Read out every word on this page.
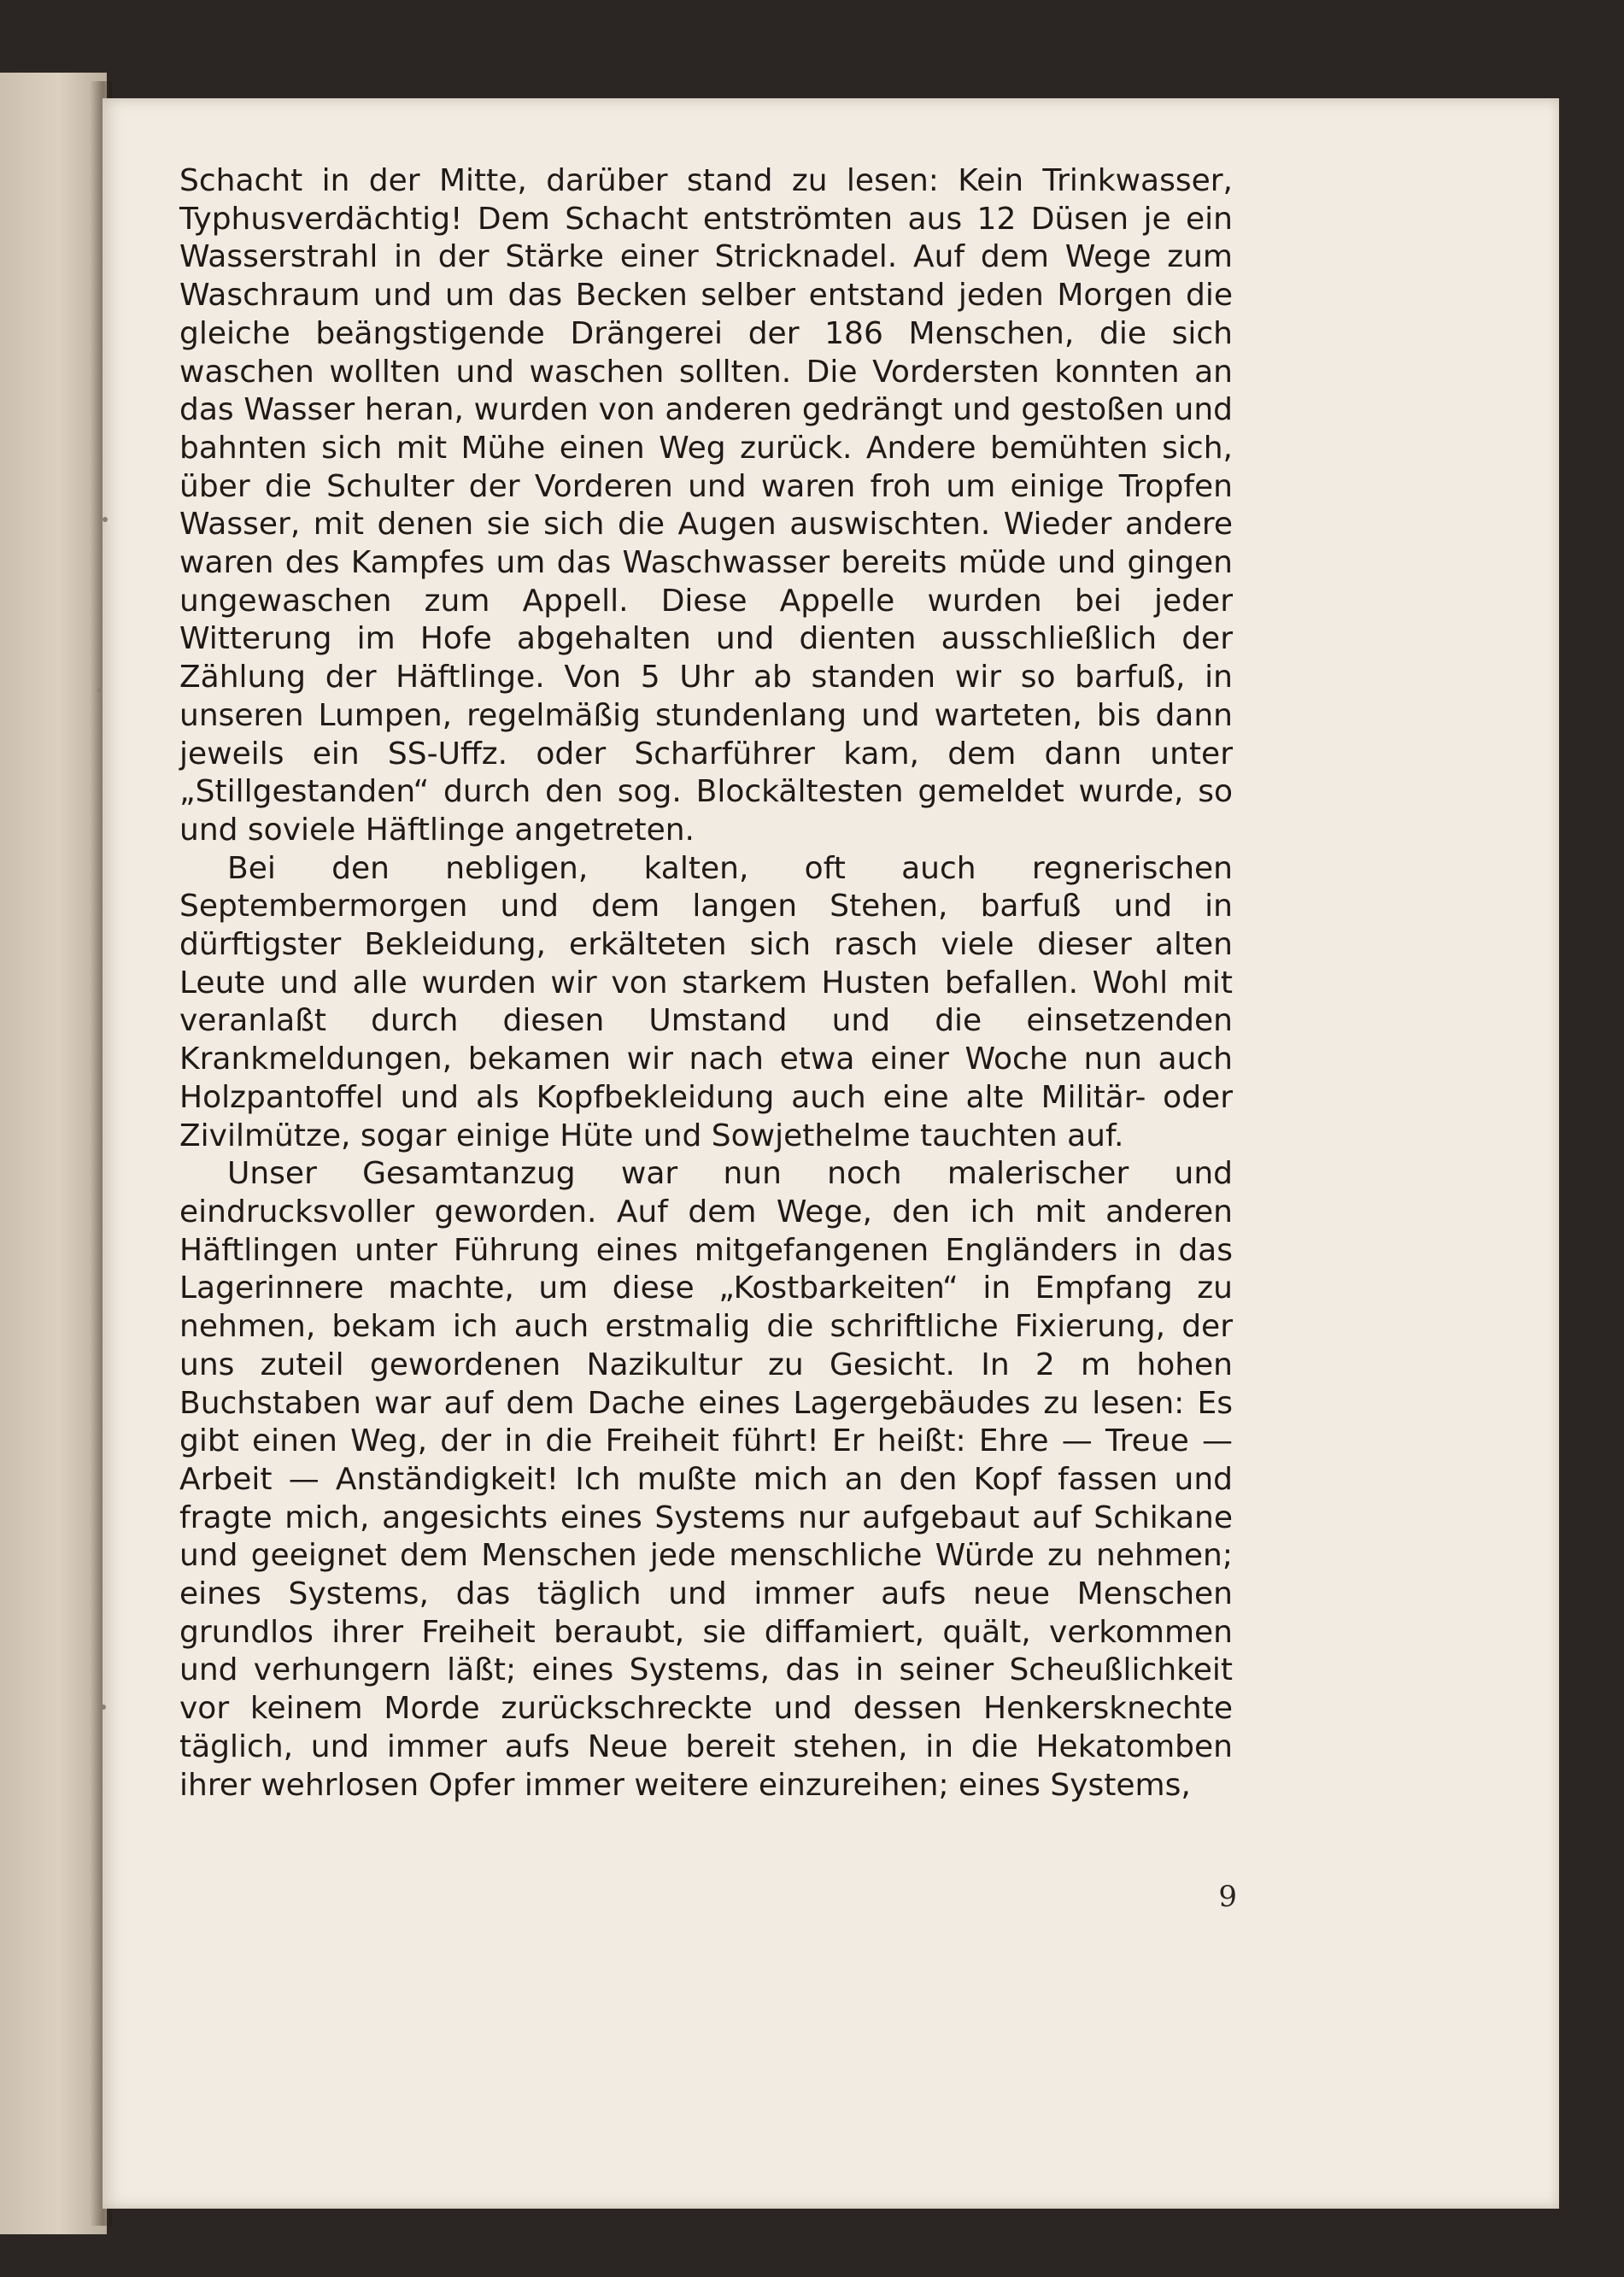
Schacht in der Mitte, darüber stand zu lesen: Kein Trinkwasser, Typhusverdächtig! Dem Schacht entströmten aus 12 Düsen je ein Wasserstrahl in der Stärke einer Stricknadel. Auf dem Wege zum Waschraum und um das Becken selber entstand jeden Morgen die gleiche beängstigende Drängerei der 186 Menschen, die sich waschen wollten und waschen sollten. Die Vordersten konnten an das Wasser heran, wurden von anderen gedrängt und gestoßen und bahnten sich mit Mühe einen Weg zurück. Andere bemühten sich, über die Schulter der Vorderen und waren froh um einige Tropfen Wasser, mit denen sie sich die Augen auswischten. Wieder andere waren des Kampfes um das Waschwasser bereits müde und gingen ungewaschen zum Appell. Diese Appelle wurden bei jeder Witterung im Hofe abgehalten und dienten ausschließlich der Zählung der Häftlinge. Von 5 Uhr ab standen wir so barfuß, in unseren Lumpen, regelmäßig stundenlang und warteten, bis dann jeweils ein SS-Uffz. oder Scharführer kam, dem dann unter „Stillgestanden“ durch den sog. Blockältesten gemeldet wurde, so und soviele Häftlinge angetreten.

Bei den nebligen, kalten, oft auch regnerischen Septembermorgen und dem langen Stehen, barfuß und in dürftigster Bekleidung, erkälteten sich rasch viele dieser alten Leute und alle wurden wir von starkem Husten befallen. Wohl mit veranlaßt durch diesen Umstand und die einsetzenden Krankmeldungen, bekamen wir nach etwa einer Woche nun auch Holzpantoffel und als Kopfbekleidung auch eine alte Militär- oder Zivilmütze, sogar einige Hüte und Sowjethelme tauchten auf.

Unser Gesamtanzug war nun noch malerischer und eindrucksvoller geworden. Auf dem Wege, den ich mit anderen Häftlingen unter Führung eines mitgefangenen Engländers in das Lagerinnere machte, um diese „Kostbarkeiten“ in Empfang zu nehmen, bekam ich auch erstmalig die schriftliche Fixierung, der uns zuteil gewordenen Nazikultur zu Gesicht. In 2 m hohen Buchstaben war auf dem Dache eines Lagergebäudes zu lesen: Es gibt einen Weg, der in die Freiheit führt! Er heißt: Ehre — Treue — Arbeit — Anständigkeit! Ich mußte mich an den Kopf fassen und fragte mich, angesichts eines Systems nur aufgebaut auf Schikane und geeignet dem Menschen jede menschliche Würde zu nehmen; eines Systems, das täglich und immer aufs neue Menschen grundlos ihrer Freiheit beraubt, sie diffamiert, quält, verkommen und verhungern läßt; eines Systems, das in seiner Scheußlichkeit vor keinem Morde zurückschreckte und dessen Henkersknechte täglich, und immer aufs Neue bereit stehen, in die Hekatomben ihrer wehrlosen Opfer immer weitere einzureihen; eines Systems,

9
